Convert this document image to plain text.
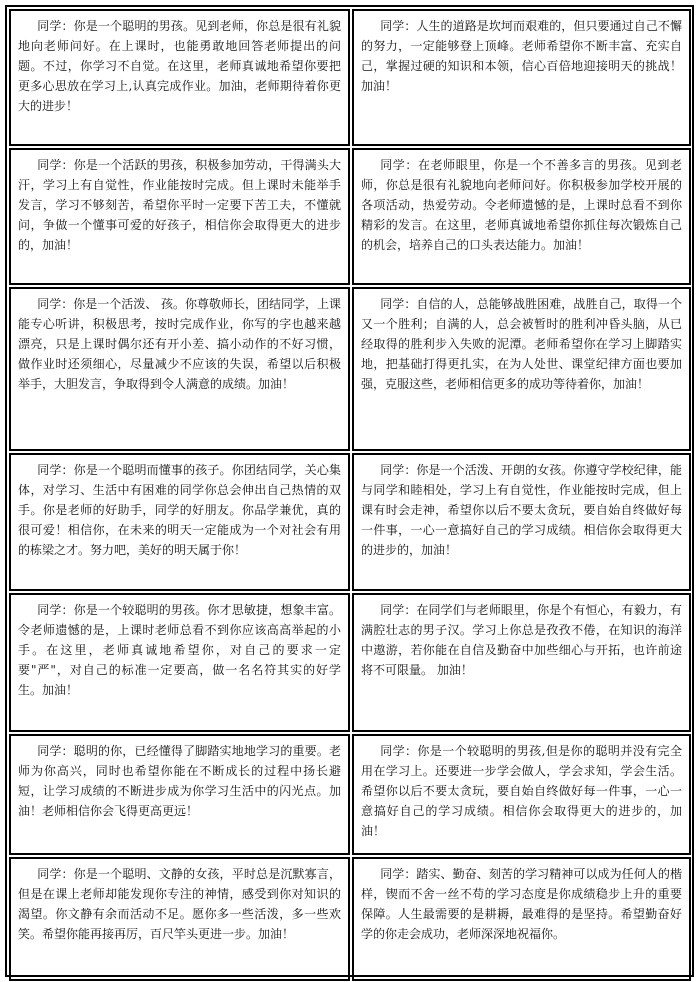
同学：你是一个聪明的男孩。见到老师，你总是很有礼貌地向老师问好。在上课时，也能勇敢地回答老师提出的问题。不过，你学习不自觉。在这里，老师真诚地希望你要把更多心思放在学习上,认真完成作业。加油，老师期待着你更大的进步！
同学：人生的道路是坎坷而艰难的，但只要通过自己不懈的努力，一定能够登上顶峰。老师希望你不断丰富、充实自己，掌握过硬的知识和本领，信心百倍地迎接明天的挑战！加油！
同学：你是一个活跃的男孩，积极参加劳动，干得满头大汗，学习上有自觉性，作业能按时完成。但上课时未能举手发言，学习不够刻苦，希望你平时一定要下苦工夫，不懂就问，争做一个懂事可爱的好孩子，相信你会取得更大的进步的，加油！
同学：在老师眼里，你是一个不善多言的男孩。见到老师，你总是很有礼貌地向老师问好。你积极参加学校开展的各项活动，热爱劳动。令老师遗憾的是，上课时总看不到你精彩的发言。在这里，老师真诚地希望你抓住每次锻炼自己的机会，培养自己的口头表达能力。加油！
同学：你是一个活泼、 孩。你尊敬师长，团结同学，上课能专心听讲，积极思考，按时完成作业，你写的字也越来越漂亮，只是上课时偶尔还有开小差、搞小动作的不好习惯，做作业时还须细心，尽量减少不应该的失误，希望以后积极举手，大胆发言，争取得到令人满意的成绩。加油！
同学：自信的人，总能够战胜困难，战胜自己，取得一个又一个胜利；自满的人，总会被暂时的胜利冲昏头脑，从已经取得的胜利步入失败的泥潭。老师希望你在学习上脚踏实地，把基础打得更扎实，在为人处世、课堂纪律方面也要加强，克服这些，老师相信更多的成功等待着你，加油！
同学：你是一个聪明而懂事的孩子。你团结同学，关心集体，对学习、生活中有困难的同学你总会伸出自己热情的双手。你是老师的好助手，同学的好朋友。你品学兼优，真的很可爱！相信你，在未来的明天一定能成为一个对社会有用的栋梁之才。努力吧，美好的明天属于你！
同学：你是一个活泼、开朗的女孩。你遵守学校纪律，能与同学和睦相处，学习上有自觉性，作业能按时完成，但上课有时会走神，希望你以后不要太贪玩，要自始自终做好每一件事，一心一意搞好自己的学习成绩。相信你会取得更大的进步的，加油！
同学：你是一个较聪明的男孩。你才思敏捷，想象丰富。令老师遗憾的是，上课时老师总看不到你应该高高举起的小手。在这里，老师真诚地希望你，对自己的要求一定要"严"，对自己的标准一定要高，做一名名符其实的好学生。加油！
同学：在同学们与老师眼里，你是个有恒心，有毅力，有满腔壮志的男子汉。学习上你总是孜孜不倦，在知识的海洋中遨游，若你能在自信及勤奋中加些细心与开拓，也许前途将不可限量。 加油！
同学：聪明的你，已经懂得了脚踏实地地学习的重要。老师为你高兴，同时也希望你能在不断成长的过程中扬长避短，让学习成绩的不断进步成为你学习生活中的闪光点。加油！老师相信你会飞得更高更远！
同学：你是一个较聪明的男孩,但是你的聪明并没有完全用在学习上。还要进一步学会做人，学会求知，学会生活。希望你以后不要太贪玩，要自始自终做好每一件事，一心一意搞好自己的学习成绩。相信你会取得更大的进步的，加油！
同学：你是一个聪明、文静的女孩，平时总是沉默寡言，但是在课上老师却能发现你专注的神情，感受到你对知识的渴望。你文静有余而活动不足。愿你多一些活泼，多一些欢笑。希望你能再接再厉，百尺竿头更进一步。加油！
同学：踏实、勤奋、刻苦的学习精神可以成为任何人的楷样，锲而不舍一丝不苟的学习态度是你成绩稳步上升的重要保障。人生最需要的是耕耨，最难得的是坚持。希望勤奋好学的你走会成功，老师深深地祝福你。
